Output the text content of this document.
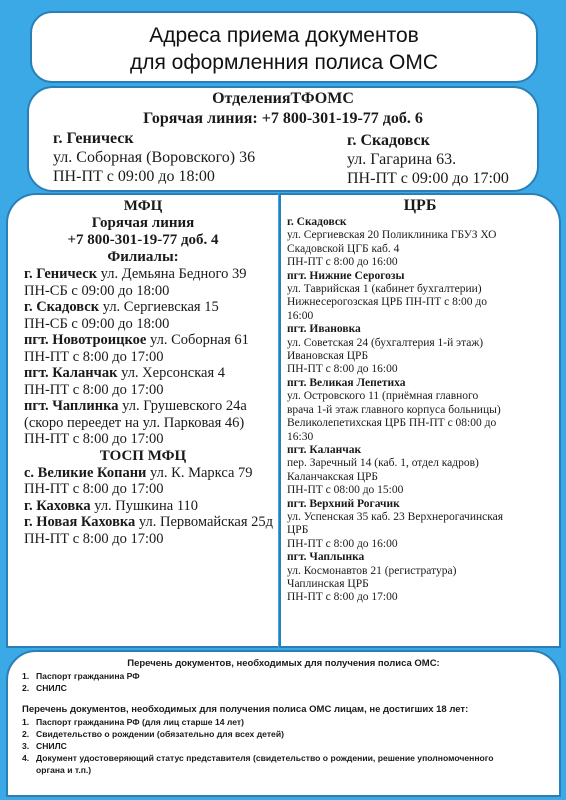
Адреса приема документов
для оформленния полиса ОМС
ОтделенияТФОМС
Горячая линия: +7 800-301-19-77 доб. 6
г. Геническ
ул. Соборная (Воровского) 36
ПН-ПТ с 09:00 до 18:00
г. Скадовск
ул. Гагарина 63.
ПН-ПТ с 09:00 до 17:00
МФЦ
Горячая линия
+7 800-301-19-77 доб. 4
Филиалы:
г. Геническ ул. Демьяна Бедного 39
ПН-СБ с 09:00 до 18:00
г. Скадовск ул. Сергиевская 15
ПН-СБ с 09:00 до 18:00
пгт. Новотроицкое ул. Соборная 61
ПН-ПТ с 8:00 до 17:00
пгт. Каланчак ул. Херсонская 4
ПН-ПТ с 8:00 до 17:00
пгт. Чаплинка ул. Грушевского 24а
(скоро переедет на ул. Парковая 46)
ПН-ПТ с 8:00 до 17:00
ТОСП МФЦ
с. Великие Копани ул. К. Маркса 79
ПН-ПТ с 8:00 до 17:00
г. Каховка ул. Пушкина 110
г. Новая Каховка ул. Первомайская 25д
ПН-ПТ с 8:00 до 17:00
ЦРБ
г. Скадовск
ул. Сергиевская 20 Поликлиника ГБУЗ ХО
Скадовской ЦГБ каб. 4
ПН-ПТ с 8:00 до 16:00
пгт. Нижние Серогозы
ул. Таврийская 1 (кабинет бухгалтерии)
Нижнесерогозская ЦРБ ПН-ПТ с 8:00 до
16:00
пгт. Ивановка
ул. Советская 24 (бухгалтерия 1-й этаж)
Ивановская ЦРБ
ПН-ПТ с 8:00 до 16:00
пгт. Великая Лепетиха
ул. Островского 11 (приёмная главного
врача 1-й этаж главного корпуса больницы)
Великолепетихская ЦРБ ПН-ПТ с 08:00 до
16:30
пгт. Каланчак
пер. Заречный 14 (каб. 1, отдел кадров)
Каланчакская ЦРБ
ПН-ПТ с 08:00 до 15:00
пгт. Верхний Рогачик
ул. Успенская 35 каб. 23 Верхнерогачинская
ЦРБ
ПН-ПТ с 8:00 до 16:00
пгт. Чаплынка
ул. Космонавтов 21 (регистратура)
Чаплинская ЦРБ
ПН-ПТ с 8:00 до 17:00
Перечень документов, необходимых для получения полиса ОМС:
1. Паспорт гражданина РФ
2. СНИЛС
Перечень документов, необходимых для получения полиса ОМС лицам, не достигших 18 лет:
1. Паспорт гражданина РФ (для лиц старше 14 лет)
2. Свидетельство о рождении (обязательно для всех детей)
3. СНИЛС
4. Документ удостоверяющий статус представителя (свидетельство о рождении, решение уполномоченного
органа и т.п.)
